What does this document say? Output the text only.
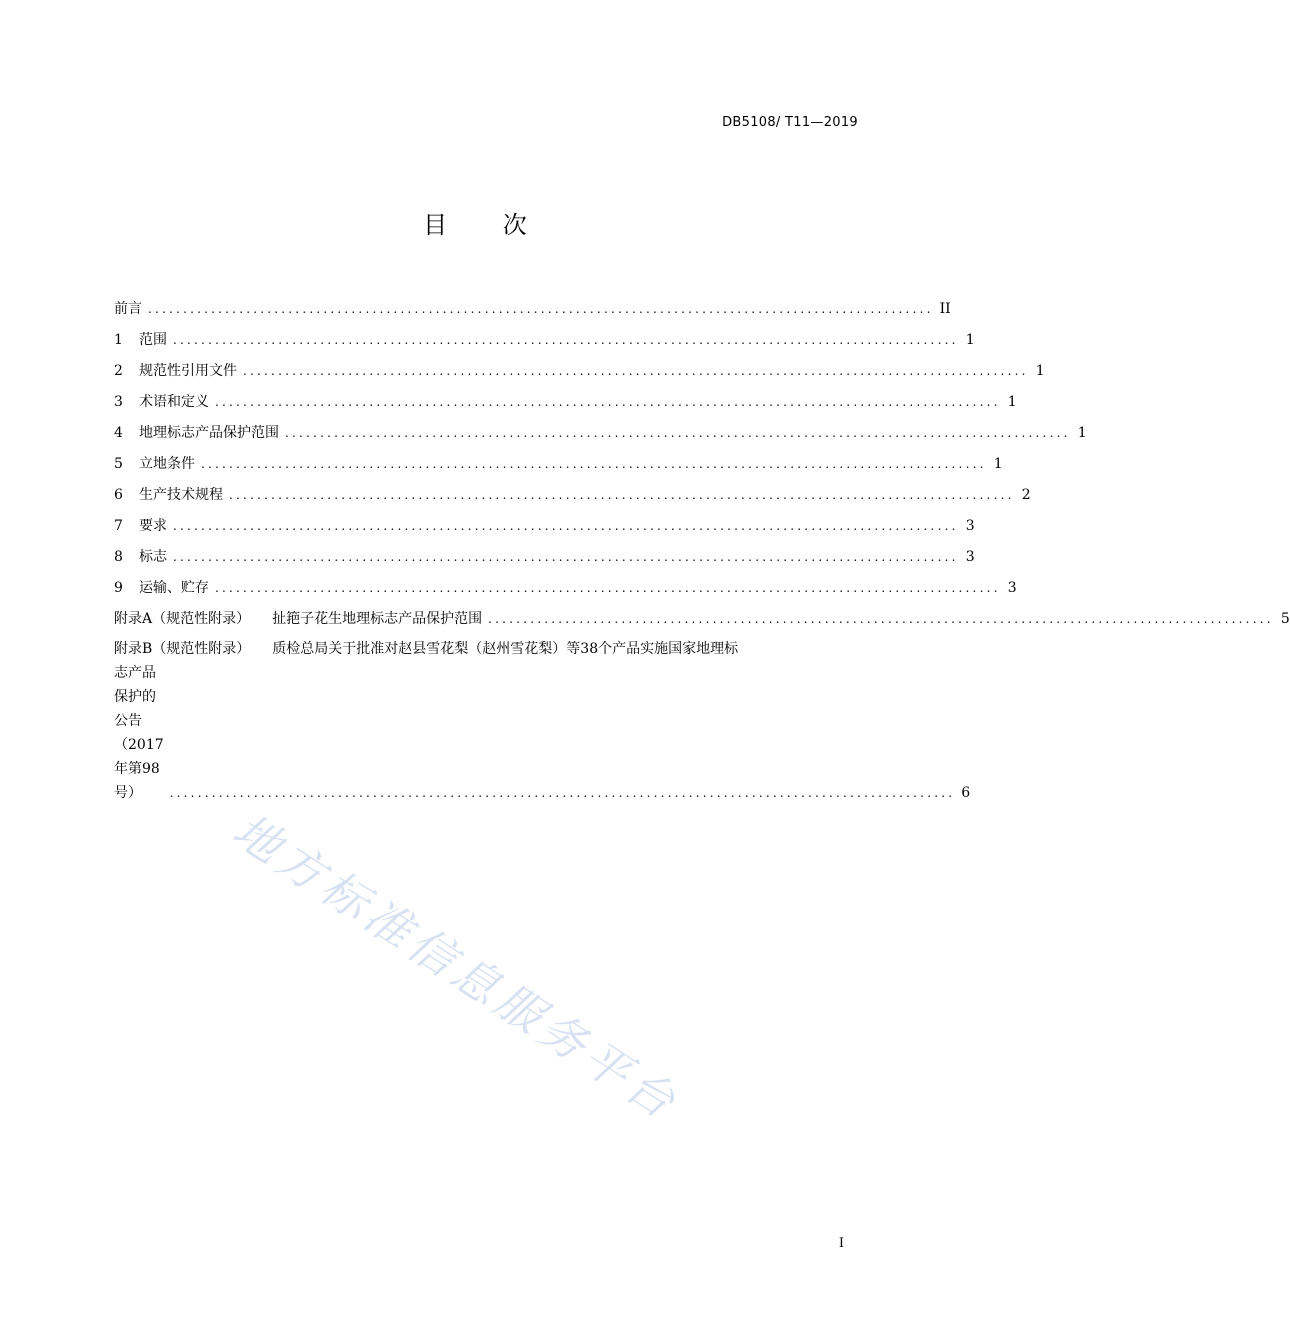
DB5108/ T11—2019
目 次
前言 ................................................................................................................ II
1 范围 ................................................................................................................ 1
2 规范性引用文件 ................................................................................................................ 1
3 术语和定义 ................................................................................................................ 1
4 地理标志产品保护范围 ................................................................................................................ 1
5 立地条件 ................................................................................................................ 1
6 生产技术规程 ................................................................................................................ 2
7 要求 ................................................................................................................ 3
8 标志 ................................................................................................................ 3
9 运输、贮存 ................................................................................................................ 3
附录A（规范性附录） 扯筢子花生地理标志产品保护范围 ................................................................................................................ 5
附录B（规范性附录） 质检总局关于批准对赵县雪花梨（赵州雪花梨）等38个产品实施国家地理标
志产品保护的公告（2017年第98号）	................................................................................................................ 6
地方标准信息服务平台
I
